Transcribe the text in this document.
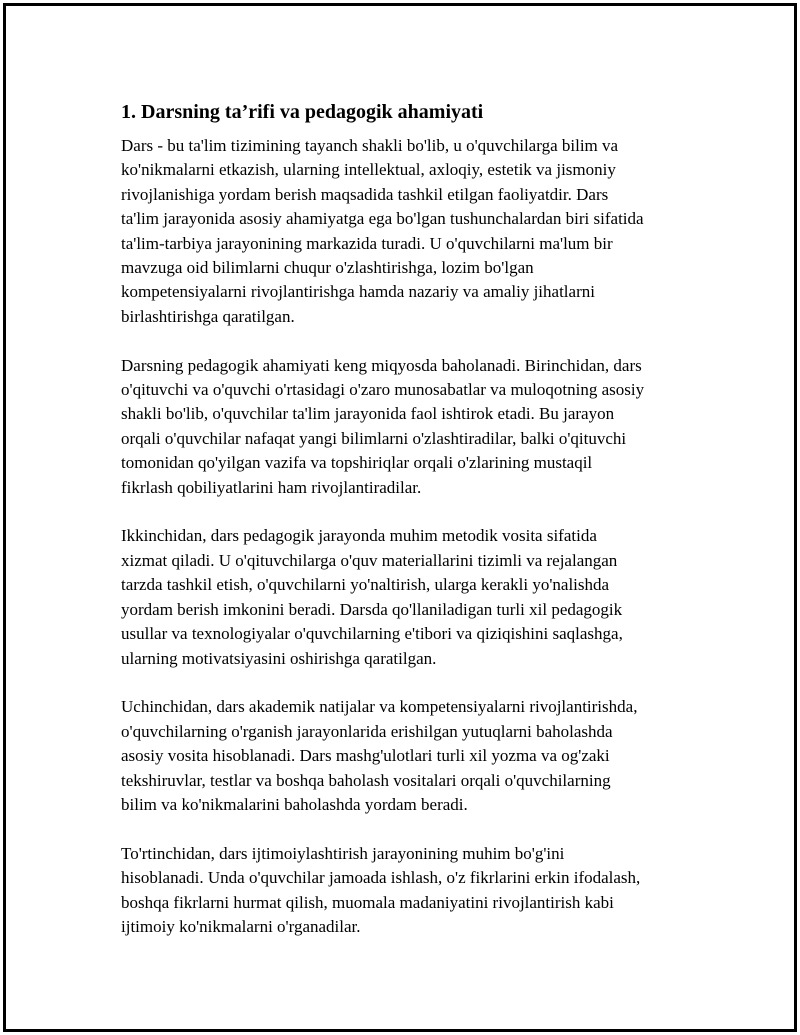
1. Darsning ta’rifi va pedagogik ahamiyati
Dars - bu ta'lim tizimining tayanch shakli bo'lib, u o'quvchilarga bilim va
ko'nikmalarni etkazish, ularning intellektual, axloqiy, estetik va jismoniy
rivojlanishiga yordam berish maqsadida tashkil etilgan faoliyatdir. Dars
ta'lim jarayonida asosiy ahamiyatga ega bo'lgan tushunchalardan biri sifatida
ta'lim-tarbiya jarayonining markazida turadi. U o'quvchilarni ma'lum bir
mavzuga oid bilimlarni chuqur o'zlashtirishga, lozim bo'lgan
kompetensiyalarni rivojlantirishga hamda nazariy va amaliy jihatlarni
birlashtirishga qaratilgan.
Darsning pedagogik ahamiyati keng miqyosda baholanadi. Birinchidan, dars
o'qituvchi va o'quvchi o'rtasidagi o'zaro munosabatlar va muloqotning asosiy
shakli bo'lib, o'quvchilar ta'lim jarayonida faol ishtirok etadi. Bu jarayon
orqali o'quvchilar nafaqat yangi bilimlarni o'zlashtiradilar, balki o'qituvchi
tomonidan qo'yilgan vazifa va topshiriqlar orqali o'zlarining mustaqil
fikrlash qobiliyatlarini ham rivojlantiradilar.
Ikkinchidan, dars pedagogik jarayonda muhim metodik vosita sifatida
xizmat qiladi. U o'qituvchilarga o'quv materiallarini tizimli va rejalangan
tarzda tashkil etish, o'quvchilarni yo'naltirish, ularga kerakli yo'nalishda
yordam berish imkonini beradi. Darsda qo'llaniladigan turli xil pedagogik
usullar va texnologiyalar o'quvchilarning e'tibori va qiziqishini saqlashga,
ularning motivatsiyasini oshirishga qaratilgan.
Uchinchidan, dars akademik natijalar va kompetensiyalarni rivojlantirishda,
o'quvchilarning o'rganish jarayonlarida erishilgan yutuqlarni baholashda
asosiy vosita hisoblanadi. Dars mashg'ulotlari turli xil yozma va og'zaki
tekshiruvlar, testlar va boshqa baholash vositalari orqali o'quvchilarning
bilim va ko'nikmalarini baholashda yordam beradi.
To'rtinchidan, dars ijtimoiylashtirish jarayonining muhim bo'g'ini
hisoblanadi. Unda o'quvchilar jamoada ishlash, o'z fikrlarini erkin ifodalash,
boshqa fikrlarni hurmat qilish, muomala madaniyatini rivojlantirish kabi
ijtimoiy ko'nikmalarni o'rganadilar.
